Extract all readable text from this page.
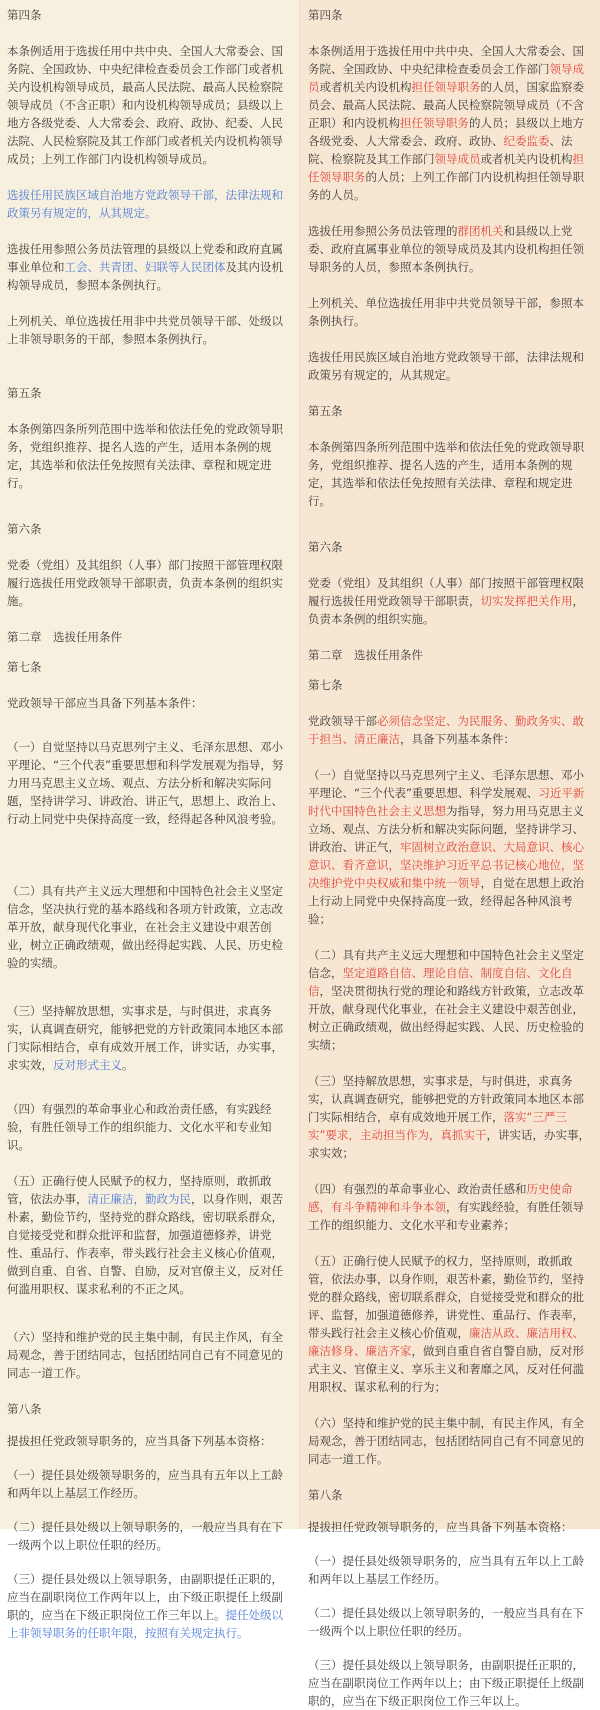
第四条

本条例适用于选拔任用中共中央、全国人大常委会、国务院、全国政协、中央纪律检查委员会工作部门或者机关内设机构领导成员，最高人民法院、最高人民检察院领导成员（不含正职）和内设机构领导成员；县级以上地方各级党委、人大常委会、政府、政协、纪委、人民法院、人民检察院及其工作部门或者机关内设机构领导成员；上列工作部门内设机构领导成员。

选拔任用民族区域自治地方党政领导干部，法律法规和政策另有规定的，从其规定。

选拔任用参照公务员法管理的县级以上党委和政府直属事业单位和工会、共青团、妇联等人民团体及其内设机构领导成员，参照本条例执行。

上列机关、单位选拔任用非中共党员领导干部、处级以上非领导职务的干部，参照本条例执行。

第五条

本条例第四条所列范围中选举和依法任免的党政领导职务，党组织推荐、提名人选的产生，适用本条例的规定，其选举和依法任免按照有关法律、章程和规定进行。

第六条

党委（党组）及其组织（人事）部门按照干部管理权限履行选拔任用党政领导干部职责，负责本条例的组织实施。

第二章　选拔任用条件

第七条

党政领导干部应当具备下列基本条件：

（一）自觉坚持以马克思列宁主义、毛泽东思想、邓小平理论、“三个代表”重要思想和科学发展观为指导，努力用马克思主义立场、观点、方法分析和解决实际问题，坚持讲学习、讲政治、讲正气，思想上、政治上、行动上同党中央保持高度一致，经得起各种风浪考验。

（二）具有共产主义远大理想和中国特色社会主义坚定信念，坚决执行党的基本路线和各项方针政策，立志改革开放，献身现代化事业，在社会主义建设中艰苦创业，树立正确政绩观，做出经得起实践、人民、历史检验的实绩。

（三）坚持解放思想，实事求是，与时俱进，求真务实，认真调查研究，能够把党的方针政策同本地区本部门实际相结合，卓有成效开展工作，讲实话，办实事，求实效，反对形式主义。

（四）有强烈的革命事业心和政治责任感，有实践经验，有胜任领导工作的组织能力、文化水平和专业知识。

（五）正确行使人民赋予的权力，坚持原则，敢抓敢管，依法办事，清正廉洁，勤政为民，以身作则，艰苦朴素，勤俭节约，坚持党的群众路线，密切联系群众，自觉接受党和群众批评和监督，加强道德修养，讲党性、重品行、作表率，带头践行社会主义核心价值观，做到自重、自省、自警、自励，反对官僚主义，反对任何滥用职权、谋求私利的不正之风。

（六）坚持和维护党的民主集中制，有民主作风，有全局观念，善于团结同志，包括团结同自己有不同意见的同志一道工作。

第八条

提拔担任党政领导职务的，应当具备下列基本资格：

（一）提任县处级领导职务的，应当具有五年以上工龄和两年以上基层工作经历。

（二）提任县处级以上领导职务的，一般应当具有在下一级两个以上职位任职的经历。

（三）提任县处级以上领导职务，由副职提任正职的，应当在副职岗位工作两年以上，由下级正职提任上级副职的，应当在下级正职岗位工作三年以上。提任处级以上非领导职务的任职年限，按照有关规定执行。

第四条

本条例适用于选拔任用中共中央、全国人大常委会、国务院、全国政协、中央纪律检查委员会工作部门领导成员或者机关内设机构担任领导职务的人员，国家监察委员会、最高人民法院、最高人民检察院领导成员（不含正职）和内设机构担任领导职务的人员；县级以上地方各级党委、人大常委会、政府、政协、纪委监委、法院、检察院及其工作部门领导成员或者机关内设机构担任领导职务的人员；上列工作部门内设机构担任领导职务的人员。

选拔任用参照公务员法管理的群团机关和县级以上党委、政府直属事业单位的领导成员及其内设机构担任领导职务的人员，参照本条例执行。

上列机关、单位选拔任用非中共党员领导干部，参照本条例执行。

选拔任用民族区域自治地方党政领导干部，法律法规和政策另有规定的，从其规定。

第五条

本条例第四条所列范围中选举和依法任免的党政领导职务，党组织推荐、提名人选的产生，适用本条例的规定，其选举和依法任免按照有关法律、章程和规定进行。

第六条

党委（党组）及其组织（人事）部门按照干部管理权限履行选拔任用党政领导干部职责，切实发挥把关作用，负责本条例的组织实施。

第二章　选拔任用条件

第七条

党政领导干部必须信念坚定、为民服务、勤政务实、敢于担当、清正廉洁，具备下列基本条件：

（一）自觉坚持以马克思列宁主义、毛泽东思想、邓小平理论、“三个代表”重要思想、科学发展观、习近平新时代中国特色社会主义思想为指导，努力用马克思主义立场、观点、方法分析和解决实际问题，坚持讲学习、讲政治、讲正气，牢固树立政治意识、大局意识、核心意识、看齐意识，坚决维护习近平总书记核心地位，坚决维护党中央权威和集中统一领导，自觉在思想上政治上行动上同党中央保持高度一致，经得起各种风浪考验；

（二）具有共产主义远大理想和中国特色社会主义坚定信念，坚定道路自信、理论自信、制度自信、文化自信，坚决贯彻执行党的理论和路线方针政策，立志改革开放，献身现代化事业，在社会主义建设中艰苦创业，树立正确政绩观，做出经得起实践、人民、历史检验的实绩；

（三）坚持解放思想，实事求是，与时俱进，求真务实，认真调查研究，能够把党的方针政策同本地区本部门实际相结合，卓有成效地开展工作，落实“三严三实”要求，主动担当作为，真抓实干，讲实话，办实事，求实效；

（四）有强烈的革命事业心、政治责任感和历史使命感，有斗争精神和斗争本领，有实践经验，有胜任领导工作的组织能力、文化水平和专业素养；

（五）正确行使人民赋予的权力，坚持原则，敢抓敢管，依法办事，以身作则，艰苦朴素，勤俭节约，坚持党的群众路线，密切联系群众，自觉接受党和群众的批评、监督，加强道德修养，讲党性、重品行、作表率，带头践行社会主义核心价值观，廉洁从政、廉洁用权、廉洁修身、廉洁齐家，做到自重自省自警自励，反对形式主义、官僚主义、享乐主义和奢靡之风，反对任何滥用职权、谋求私利的行为；

（六）坚持和维护党的民主集中制，有民主作风，有全局观念，善于团结同志，包括团结同自己有不同意见的同志一道工作。

第八条

提拔担任党政领导职务的，应当具备下列基本资格：

（一）提任县处级领导职务的，应当具有五年以上工龄和两年以上基层工作经历。

（二）提任县处级以上领导职务的，一般应当具有在下一级两个以上职位任职的经历。

（三）提任县处级以上领导职务，由副职提任正职的，应当在副职岗位工作两年以上；由下级正职提任上级副职的，应当在下级正职岗位工作三年以上。
